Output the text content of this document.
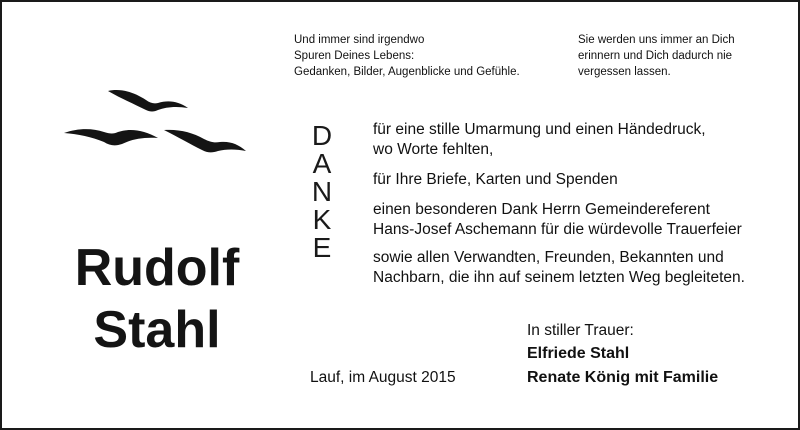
Und immer sind irgendwo
Spuren Deines Lebens:
Gedanken, Bilder, Augenblicke und Gefühle.
Sie werden uns immer an Dich
erinnern und Dich dadurch nie
vergessen lassen.
Rudolf
Stahl
D
A
N
K
E
für eine stille Umarmung und einen Händedruck,
wo Worte fehlten,
für Ihre Briefe, Karten und Spenden
einen besonderen Dank Herrn Gemeindereferent
Hans-Josef Aschemann für die würdevolle Trauerfeier
sowie allen Verwandten, Freunden, Bekannten und
Nachbarn, die ihn auf seinem letzten Weg begleiteten.
Lauf, im August 2015
In stiller Trauer:
Elfriede Stahl
Renate König mit Familie
